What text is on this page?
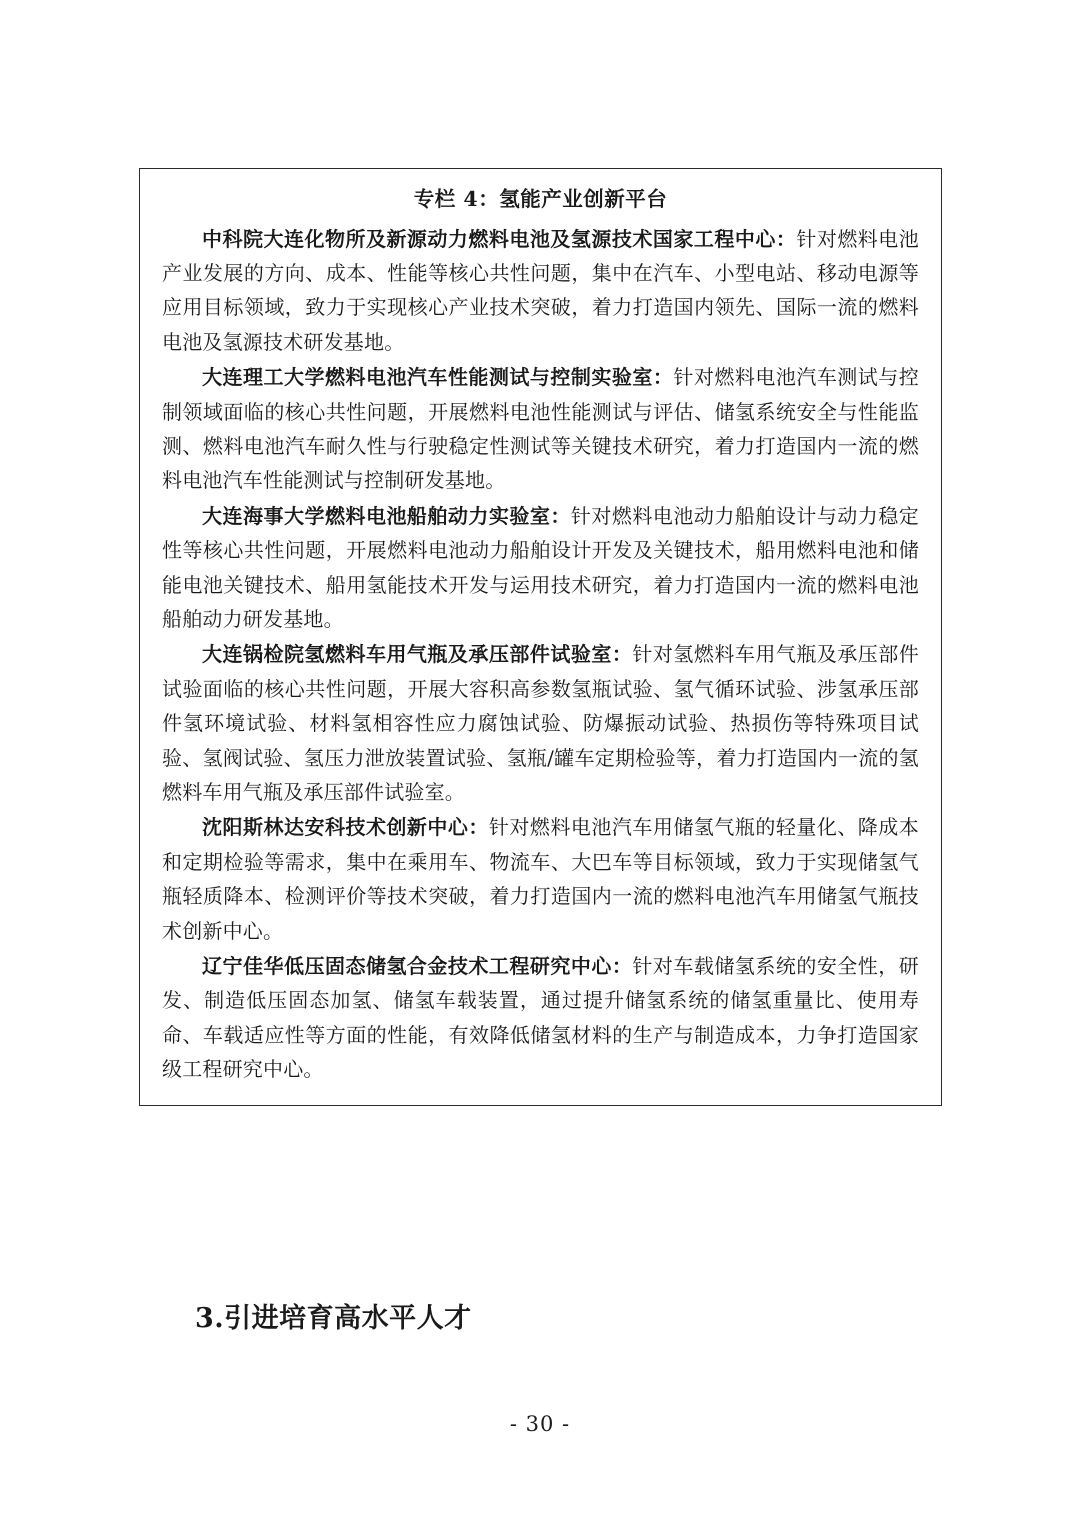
专栏 4：氢能产业创新平台

中科院大连化物所及新源动力燃料电池及氢源技术国家工程中心：针对燃料电池产业发展的方向、成本、性能等核心共性问题，集中在汽车、小型电站、移动电源等应用目标领域，致力于实现核心产业技术突破，着力打造国内领先、国际一流的燃料电池及氢源技术研发基地。

大连理工大学燃料电池汽车性能测试与控制实验室：针对燃料电池汽车测试与控制领域面临的核心共性问题，开展燃料电池性能测试与评估、储氢系统安全与性能监测、燃料电池汽车耐久性与行驶稳定性测试等关键技术研究，着力打造国内一流的燃料电池汽车性能测试与控制研发基地。

大连海事大学燃料电池船舶动力实验室：针对燃料电池动力船舶设计与动力稳定性等核心共性问题，开展燃料电池动力船舶设计开发及关键技术，船用燃料电池和储能电池关键技术、船用氢能技术开发与运用技术研究，着力打造国内一流的燃料电池船舶动力研发基地。

大连锅检院氢燃料车用气瓶及承压部件试验室：针对氢燃料车用气瓶及承压部件试验面临的核心共性问题，开展大容积高参数氢瓶试验、氢气循环试验、涉氢承压部件氢环境试验、材料氢相容性应力腐蚀试验、防爆振动试验、热损伤等特殊项目试验、氢阀试验、氢压力泄放装置试验、氢瓶/罐车定期检验等，着力打造国内一流的氢燃料车用气瓶及承压部件试验室。

沈阳斯林达安科技术创新中心：针对燃料电池汽车用储氢气瓶的轻量化、降成本和定期检验等需求，集中在乘用车、物流车、大巴车等目标领域，致力于实现储氢气瓶轻质降本、检测评价等技术突破，着力打造国内一流的燃料电池汽车用储氢气瓶技术创新中心。

辽宁佳华低压固态储氢合金技术工程研究中心：针对车载储氢系统的安全性，研发、制造低压固态加氢、储氢车载装置，通过提升储氢系统的储氢重量比、使用寿命、车载适应性等方面的性能，有效降低储氢材料的生产与制造成本，力争打造国家级工程研究中心。

3.引进培育高水平人才
- 30 -
